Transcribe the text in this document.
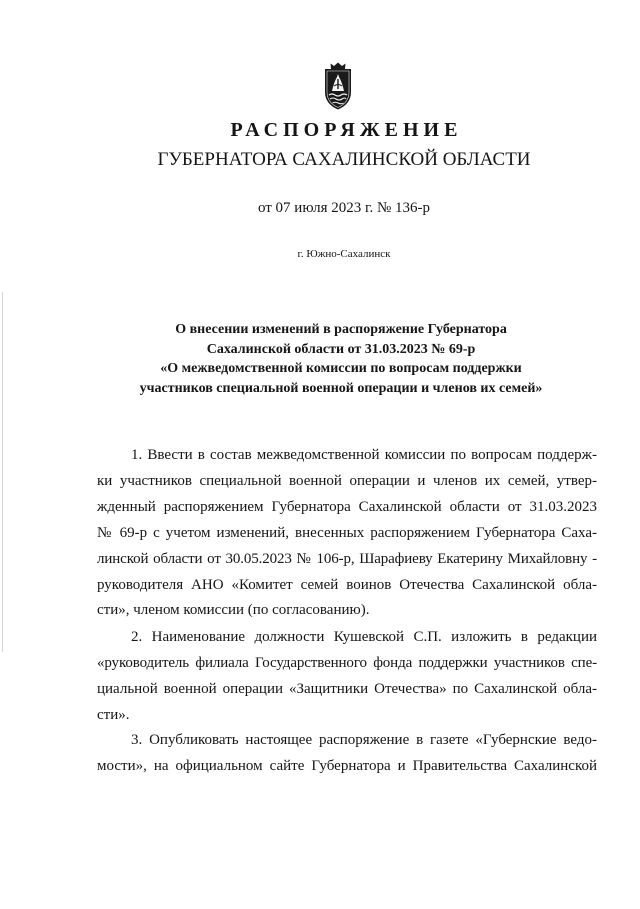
РАСПОРЯЖЕНИЕ
ГУБЕРНАТОРА САХАЛИНСКОЙ ОБЛАСТИ
от 07 июля 2023 г. № 136-р
г. Южно-Сахалинск
О внесении изменений в распоряжение Губернатора
Сахалинской области от 31.03.2023 № 69-р
«О межведомственной комиссии по вопросам поддержки
участников специальной военной операции и членов их семей»
1. Ввести в состав межведомственной комиссии по вопросам поддерж-
ки участников специальной военной операции и членов их семей, утвер-
жденный распоряжением Губернатора Сахалинской области от 31.03.2023
№ 69-р с учетом изменений, внесенных распоряжением Губернатора Саха-
линской области от 30.05.2023 № 106-р, Шарафиеву Екатерину Михайловну -
руководителя АНО «Комитет семей воинов Отечества Сахалинской обла-
сти», членом комиссии (по согласованию).
2. Наименование должности Кушевской С.П. изложить в редакции
«руководитель филиала Государственного фонда поддержки участников спе-
циальной военной операции «Защитники Отечества» по Сахалинской обла-
сти».
3. Опубликовать настоящее распоряжение в газете «Губернские ведо-
мости», на официальном сайте Губернатора и Правительства Сахалинской
